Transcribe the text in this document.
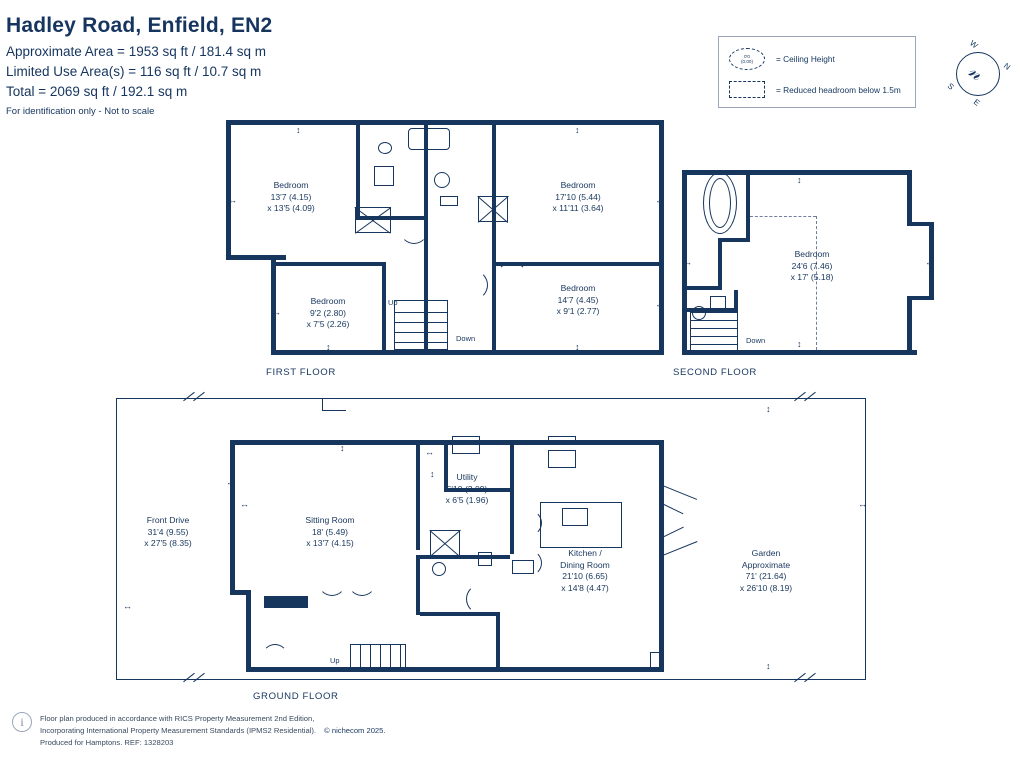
Hadley Road, Enfield, EN2
Approximate Area = 1953 sq ft / 181.4 sq m
Limited Use Area(s) = 116 sq ft / 10.7 sq m
Total = 2069 sq ft / 192.1 sq m
For identification only - Not to scale
0'0
(0.00)	= Ceiling Height
= Reduced headroom below 1.5m
𝓃 N
S
E
W
Up
Down
↕
↔
↕
↔
↕
↔
↕
↔
Bedroom
13'7 (4.15)
x 13'5 (4.09)
Bedroom
17'10 (5.44)
x 11'11 (3.64)
Bedroom
14'7 (4.45)
x 9'1 (2.77)
Bedroom
9'2 (2.80)
x 7'5 (2.26)
FIRST FLOOR
Down
↕
↔	↔
↕
Bedroom
24'6 (7.46)
x 17' (5.18)
SECOND FLOOR
Up
↔
↔
↔
↕
↕
↕
↔
↔
↕
Front Drive
31'4 (9.55)
x 27'5 (8.35)
Sitting Room
18' (5.49)
x 13'7 (4.15)
Utility
6'10 (2.09)
x 6'5 (1.96)
Kitchen /
Dining Room
21'10 (6.65)
x 14'8 (4.47)
Garden
Approximate
71' (21.64)
x 26'10 (8.19)
GROUND FLOOR
i	Floor plan produced in accordance with RICS Property Measurement 2nd Edition,
Incorporating International Property Measurement Standards (IPMS2 Residential). © nichecom 2025.
Produced for Hamptons. REF: 1328203
